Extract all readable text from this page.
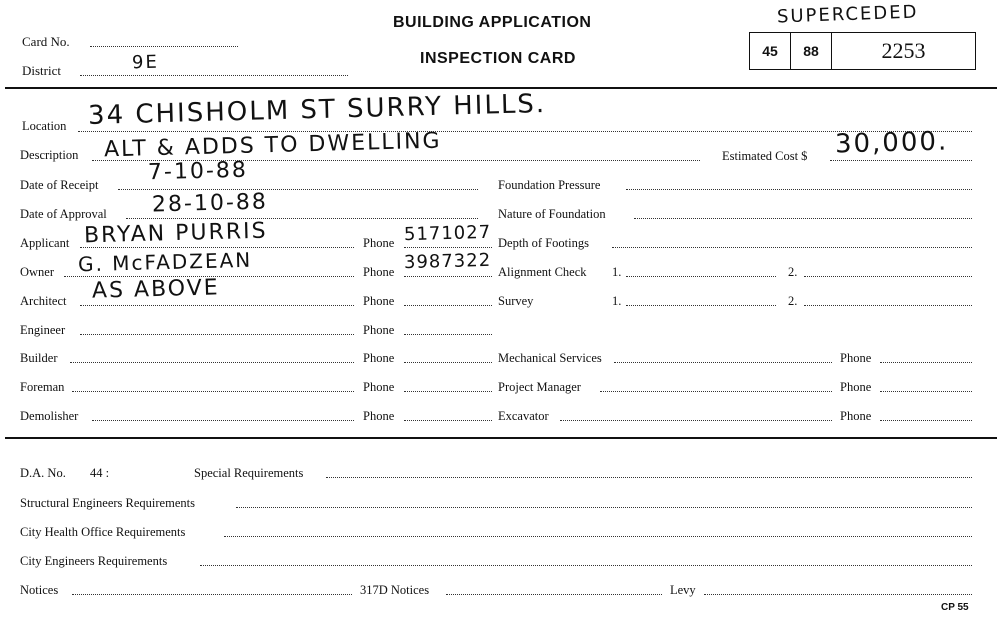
Card No.
District	9E
BUILDING APPLICATION
INSPECTION CARD
SUPERCEDED
45	88	2253
Location 34 CHISHOLM ST SURRY HILLS.
Description ALT & ADDS TO DWELLING	Estimated Cost $ 30,000.
Date of Receipt 7-10-88	Foundation Pressure
Date of Approval 28-10-88	Nature of Foundation
Applicant BRYAN PURRIS	Phone 5171027 Depth of Footings
Owner G. McFADZEAN	Phone 3987322 Alignment Check 1.	2.
Architect AS ABOVE	Phone	Survey	1.	2.
Engineer	Phone
Builder	Phone	Mechanical Services	Phone
Foreman	Phone	Project Manager	Phone
Demolisher	Phone	Excavator	Phone
D.A. No. 44 :	Special Requirements
Structural Engineers Requirements
City Health Office Requirements
City Engineers Requirements
Notices	317D Notices	Levy
CP 55
